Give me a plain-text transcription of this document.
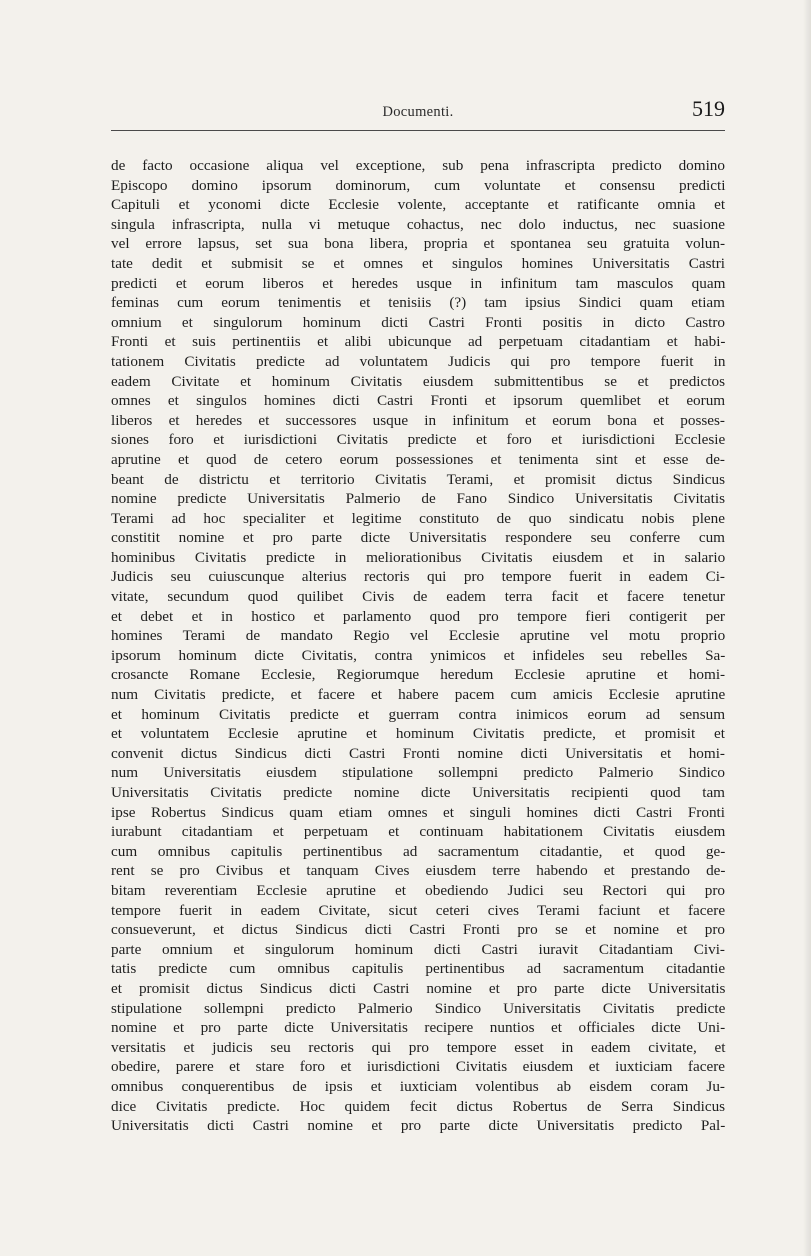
Documenti.	519
de facto occasione aliqua vel exceptione, sub pena infrascripta predicto domino
Episcopo domino ipsorum dominorum, cum voluntate et consensu predicti
Capituli et yconomi dicte Ecclesie volente, acceptante et ratificante omnia et
singula infrascripta, nulla vi metuque cohactus, nec dolo inductus, nec suasione
vel errore lapsus, set sua bona libera, propria et spontanea seu gratuita volun-
tate dedit et submisit se et omnes et singulos homines Universitatis Castri
predicti et eorum liberos et heredes usque in infinitum tam masculos quam
feminas cum eorum tenimentis et tenisiis (?) tam ipsius Sindici quam etiam
omnium et singulorum hominum dicti Castri Fronti positis in dicto Castro
Fronti et suis pertinentiis et alibi ubicunque ad perpetuam citadantiam et habi-
tationem Civitatis predicte ad voluntatem Judicis qui pro tempore fuerit in
eadem Civitate et hominum Civitatis eiusdem submittentibus se et predictos
omnes et singulos homines dicti Castri Fronti et ipsorum quemlibet et eorum
liberos et heredes et successores usque in infinitum et eorum bona et posses-
siones foro et iurisdictioni Civitatis predicte et foro et iurisdictioni Ecclesie
aprutine et quod de cetero eorum possessiones et tenimenta sint et esse de-
beant de districtu et territorio Civitatis Terami, et promisit dictus Sindicus
nomine predicte Universitatis Palmerio de Fano Sindico Universitatis Civitatis
Terami ad hoc specialiter et legitime constituto de quo sindicatu nobis plene
constitit nomine et pro parte dicte Universitatis respondere seu conferre cum
hominibus Civitatis predicte in meliorationibus Civitatis eiusdem et in salario
Judicis seu cuiuscunque alterius rectoris qui pro tempore fuerit in eadem Ci-
vitate, secundum quod quilibet Civis de eadem terra facit et facere tenetur
et debet et in hostico et parlamento quod pro tempore fieri contigerit per
homines Terami de mandato Regio vel Ecclesie aprutine vel motu proprio
ipsorum hominum dicte Civitatis, contra ynimicos et infideles seu rebelles Sa-
crosancte Romane Ecclesie, Regiorumque heredum Ecclesie aprutine et homi-
num Civitatis predicte, et facere et habere pacem cum amicis Ecclesie aprutine
et hominum Civitatis predicte et guerram contra inimicos eorum ad sensum
et voluntatem Ecclesie aprutine et hominum Civitatis predicte, et promisit et
convenit dictus Sindicus dicti Castri Fronti nomine dicti Universitatis et homi-
num Universitatis eiusdem stipulatione sollempni predicto Palmerio Sindico
Universitatis Civitatis predicte nomine dicte Universitatis recipienti quod tam
ipse Robertus Sindicus quam etiam omnes et singuli homines dicti Castri Fronti
iurabunt citadantiam et perpetuam et continuam habitationem Civitatis eiusdem
cum omnibus capitulis pertinentibus ad sacramentum citadantie, et quod ge-
rent se pro Civibus et tanquam Cives eiusdem terre habendo et prestando de-
bitam reverentiam Ecclesie aprutine et obediendo Judici seu Rectori qui pro
tempore fuerit in eadem Civitate, sicut ceteri cives Terami faciunt et facere
consueverunt, et dictus Sindicus dicti Castri Fronti pro se et nomine et pro
parte omnium et singulorum hominum dicti Castri iuravit Citadantiam Civi-
tatis predicte cum omnibus capitulis pertinentibus ad sacramentum citadantie
et promisit dictus Sindicus dicti Castri nomine et pro parte dicte Universitatis
stipulatione sollempni predicto Palmerio Sindico Universitatis Civitatis predicte
nomine et pro parte dicte Universitatis recipere nuntios et officiales dicte Uni-
versitatis et judicis seu rectoris qui pro tempore esset in eadem civitate, et
obedire, parere et stare foro et iurisdictioni Civitatis eiusdem et iuxticiam facere
omnibus conquerentibus de ipsis et iuxticiam volentibus ab eisdem coram Ju-
dice Civitatis predicte. Hoc quidem fecit dictus Robertus de Serra Sindicus
Universitatis dicti Castri nomine et pro parte dicte Universitatis predicto Pal-
